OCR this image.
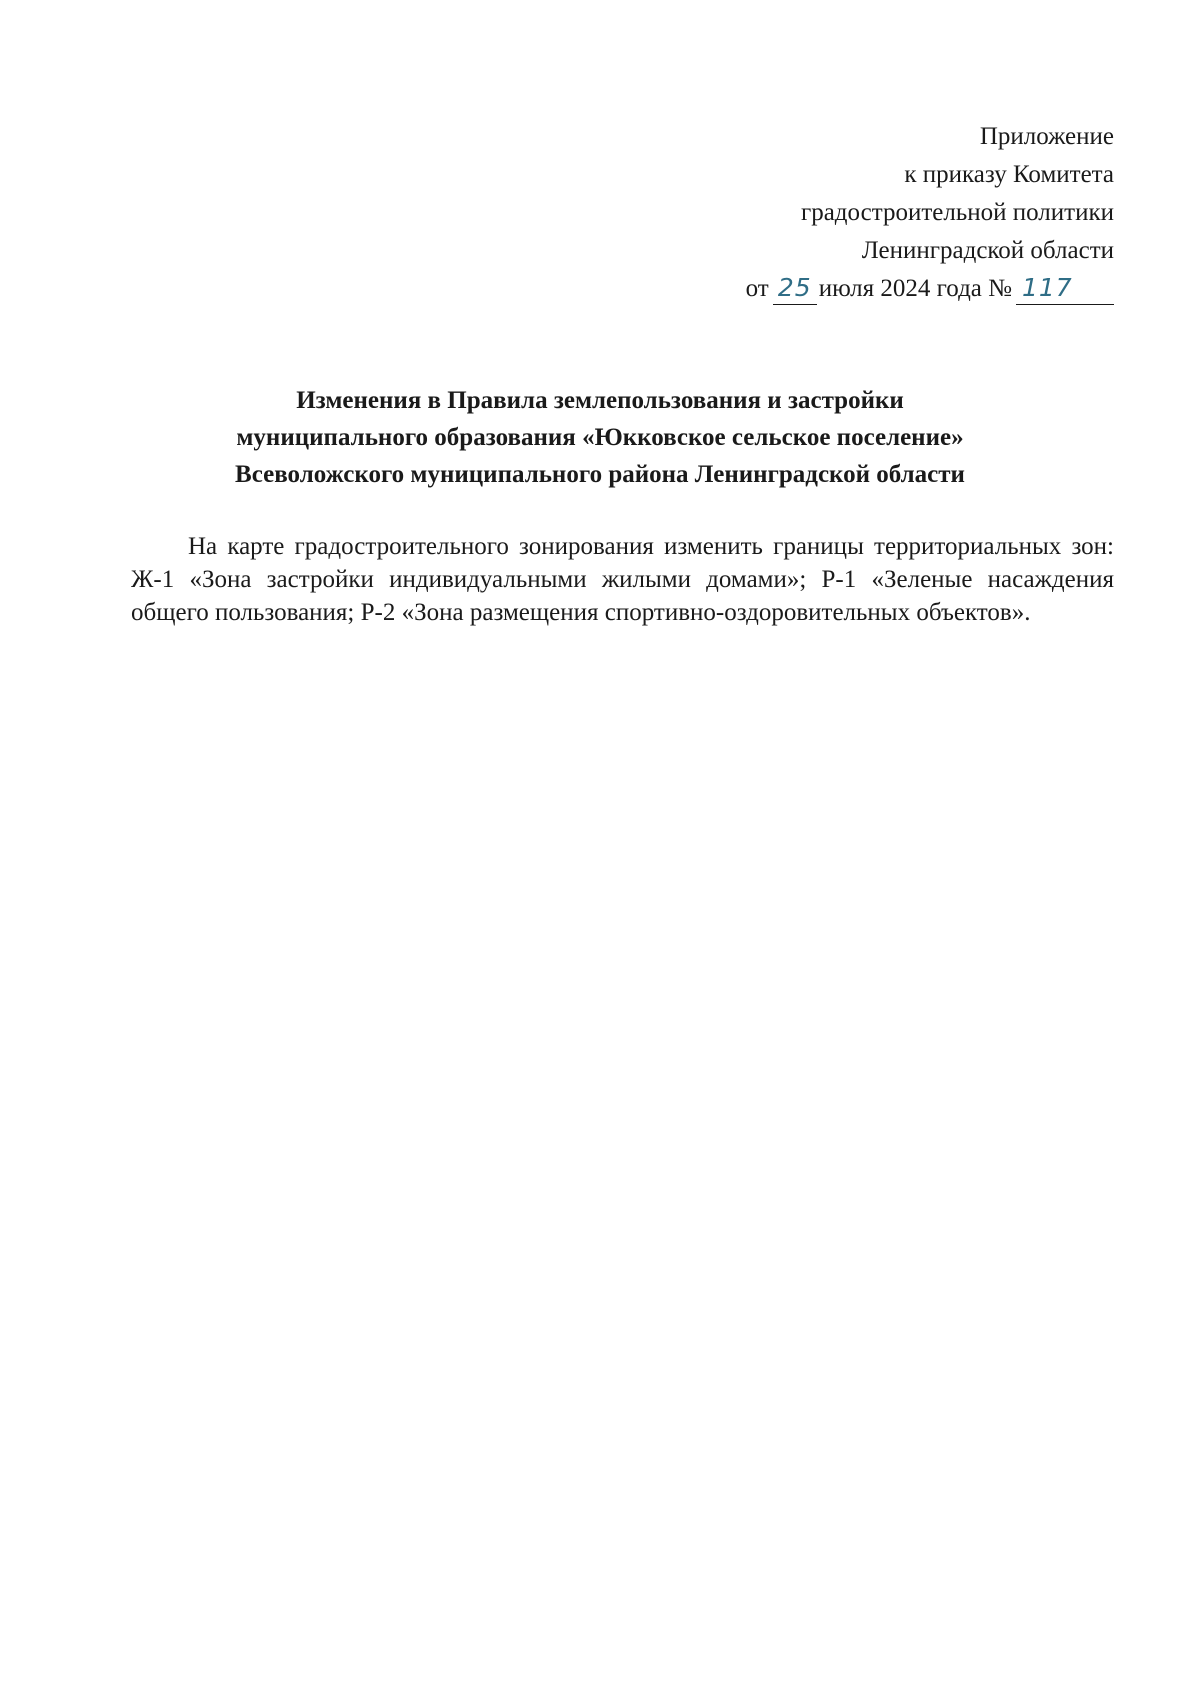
Приложение
к приказу Комитета
градостроительной политики
Ленинградской области
от 25 июля 2024 года № 117
Изменения в Правила землепользования и застройки
муниципального образования «Юкковское сельское поселение»
Всеволожского муниципального района Ленинградской области

На карте градостроительного зонирования изменить границы территориальных зон: Ж-1 «Зона застройки индивидуальными жилыми домами»; Р-1 «Зеленые насаждения общего пользования; Р-2 «Зона размещения спортивно-оздоровительных объектов».
